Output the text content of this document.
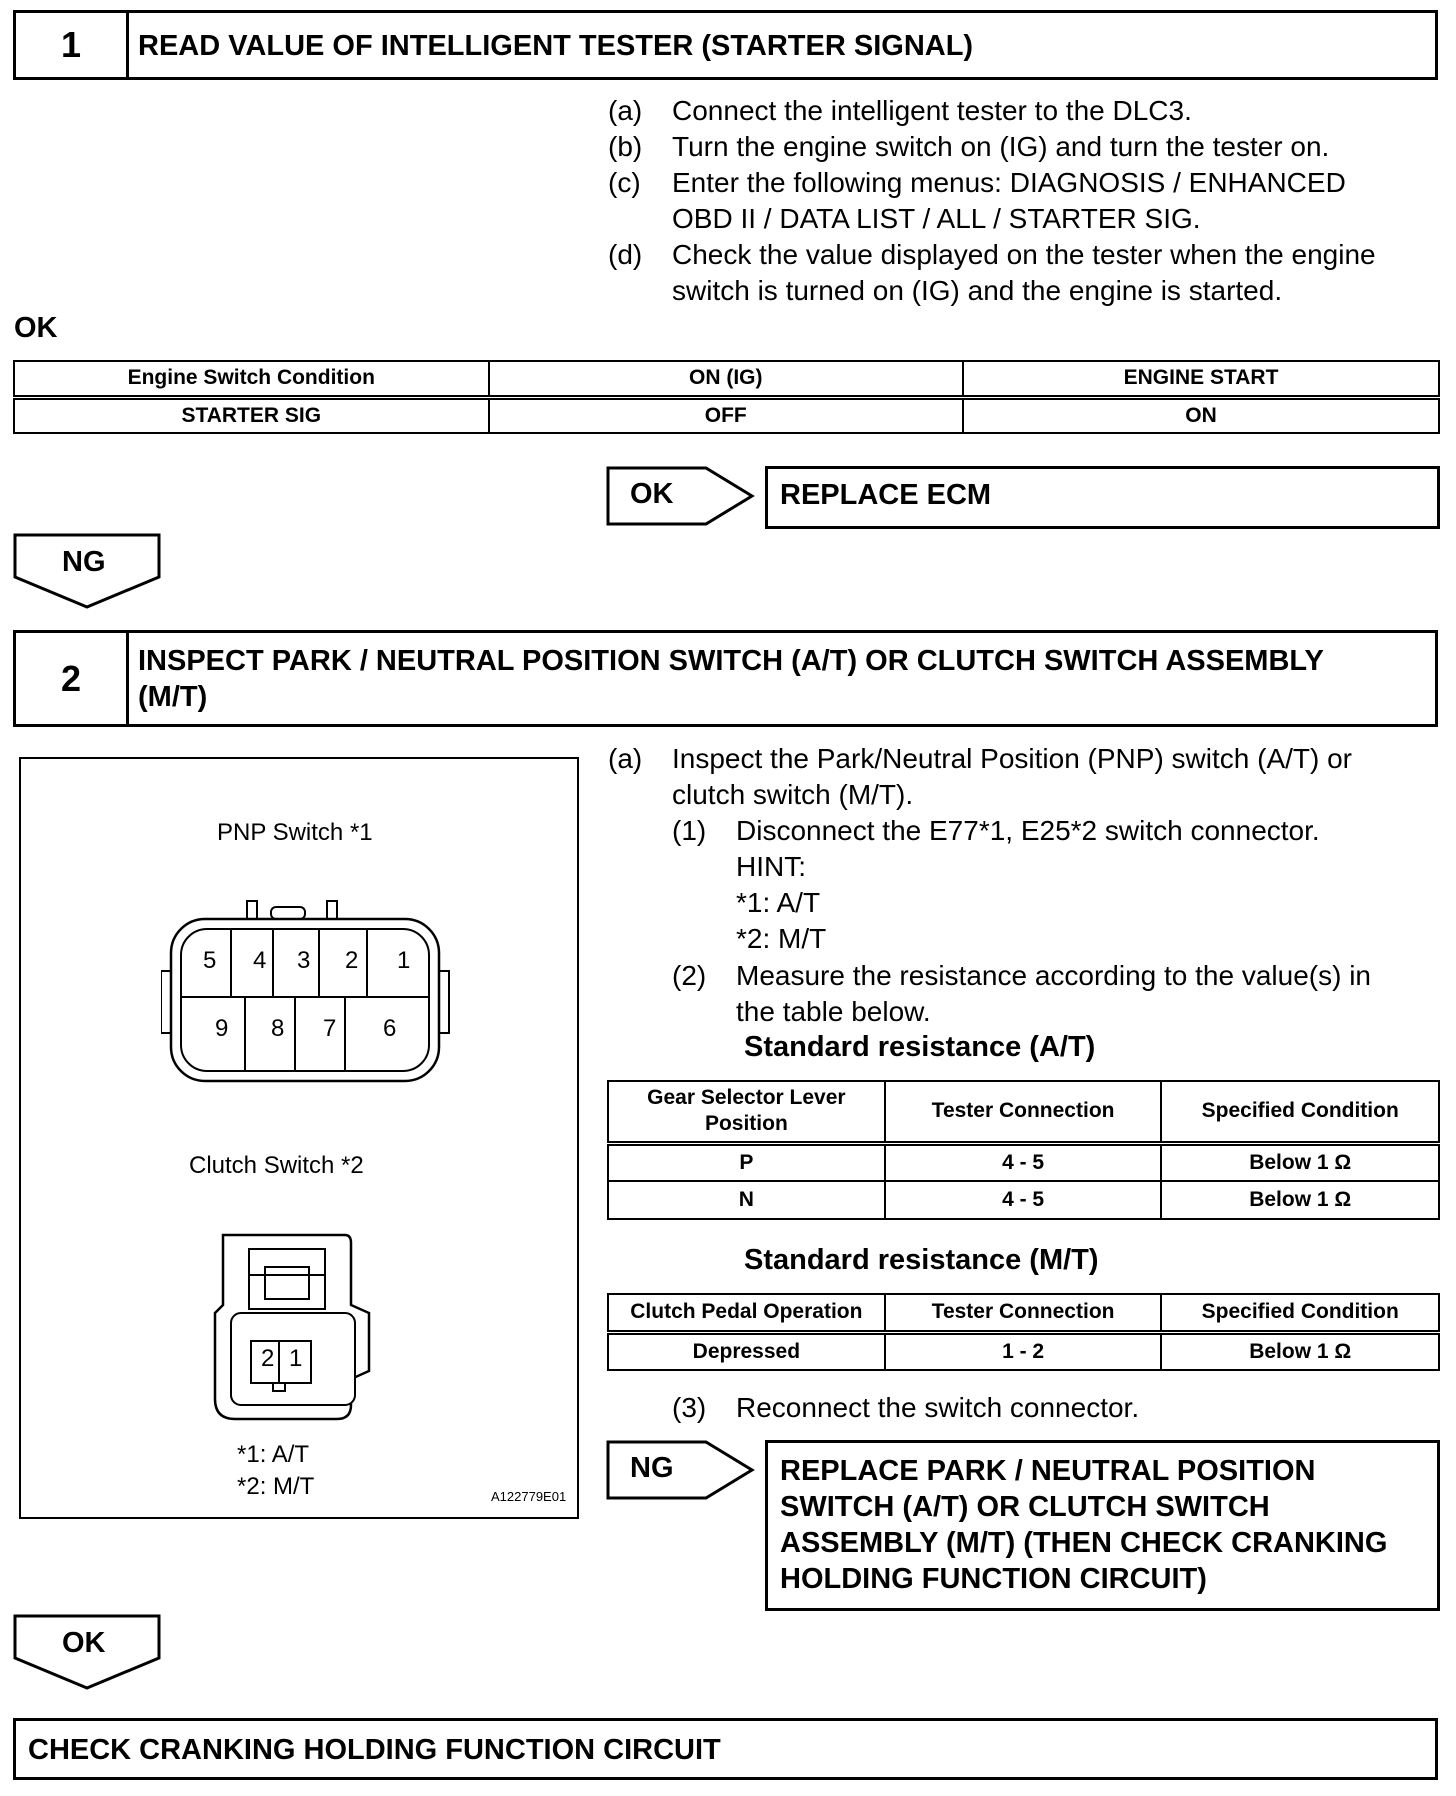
1	READ VALUE OF INTELLIGENT TESTER (STARTER SIGNAL)
(a) Connect the intelligent tester to the DLC3.
(b) Turn the engine switch on (IG) and turn the tester on.
(c) Enter the following menus: DIAGNOSIS / ENHANCED
OBD II / DATA LIST / ALL / STARTER SIG.
(d) Check the value displayed on the tester when the engine
switch is turned on (IG) and the engine is started.
OK
Engine Switch Condition	ON (IG)	ENGINE START
STARTER SIG	OFF	ON
OK	REPLACE ECM
NG
2	INSPECT PARK / NEUTRAL POSITION SWITCH (A/T) OR CLUTCH SWITCH ASSEMBLY
(M/T)
PNP Switch *1
5 4 3 2 1
9 8 7 6
Clutch Switch *2
2 1
*1: A/T
*2: M/T	A122779E01
(a) Inspect the Park/Neutral Position (PNP) switch (A/T) or
clutch switch (M/T).
(1) Disconnect the E77*1, E25*2 switch connector.
HINT:
*1: A/T
*2: M/T
(2) Measure the resistance according to the value(s) in
the table below.
Standard resistance (A/T)
Gear Selector Lever
Position	Tester Connection	Specified Condition
P	4 - 5	Below 1 Ω
N	4 - 5	Below 1 Ω
Standard resistance (M/T)
Clutch Pedal Operation	Tester Connection	Specified Condition
Depressed	1 - 2	Below 1 Ω
(3) Reconnect the switch connector.
NG	REPLACE PARK / NEUTRAL POSITION
SWITCH (A/T) OR CLUTCH SWITCH
ASSEMBLY (M/T) (THEN CHECK CRANKING
HOLDING FUNCTION CIRCUIT)
OK
CHECK CRANKING HOLDING FUNCTION CIRCUIT
